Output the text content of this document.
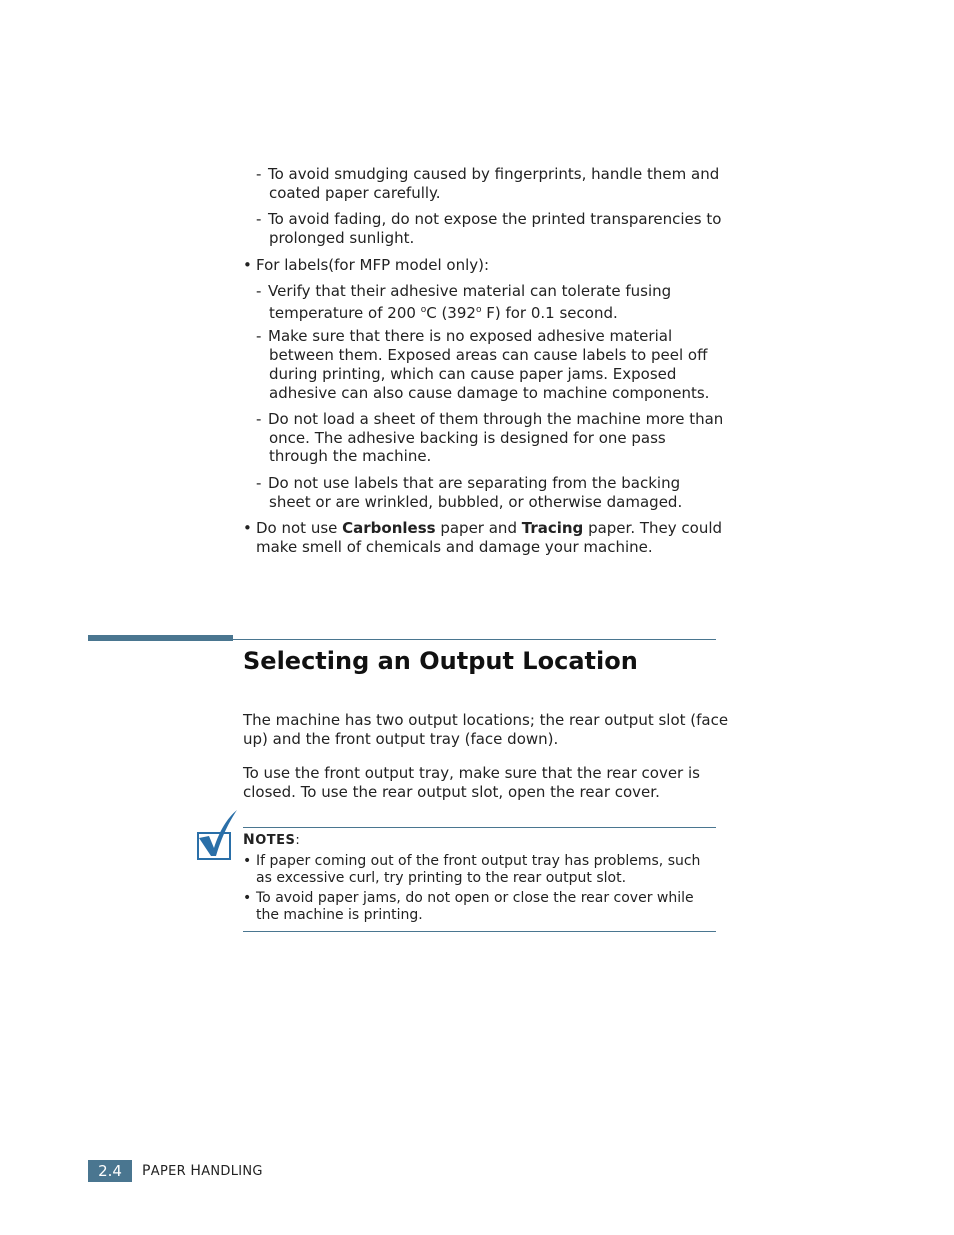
- To avoid smudging caused by fingerprints, handle them and
coated paper carefully.
- To avoid fading, do not expose the printed transparencies to
prolonged sunlight.
• For labels(for MFP model only):
- Verify that their adhesive material can tolerate fusing
temperature of 200 $^o$C (392$^o$ F) for 0.1 second.
- Make sure that there is no exposed adhesive material
between them. Exposed areas can cause labels to peel off
during printing, which can cause paper jams. Exposed
adhesive can also cause damage to machine components.
- Do not load a sheet of them through the machine more than
once. The adhesive backing is designed for one pass
through the machine.
- Do not use labels that are separating from the backing
sheet or are wrinkled, bubbled, or otherwise damaged.
• Do not use Carbonless paper and Tracing paper. They could
make smell of chemicals and damage your machine.
Selecting an Output Location
The machine has two output locations; the rear output slot (face
up) and the front output tray (face down).
To use the front output tray, make sure that the rear cover is
closed. To use the rear output slot, open the rear cover.
NOTES:
• If paper coming out of the front output tray has problems, such
as excessive curl, try printing to the rear output slot.
• To avoid paper jams, do not open or close the rear cover while
the machine is printing.
2.4	PAPER HANDLING
